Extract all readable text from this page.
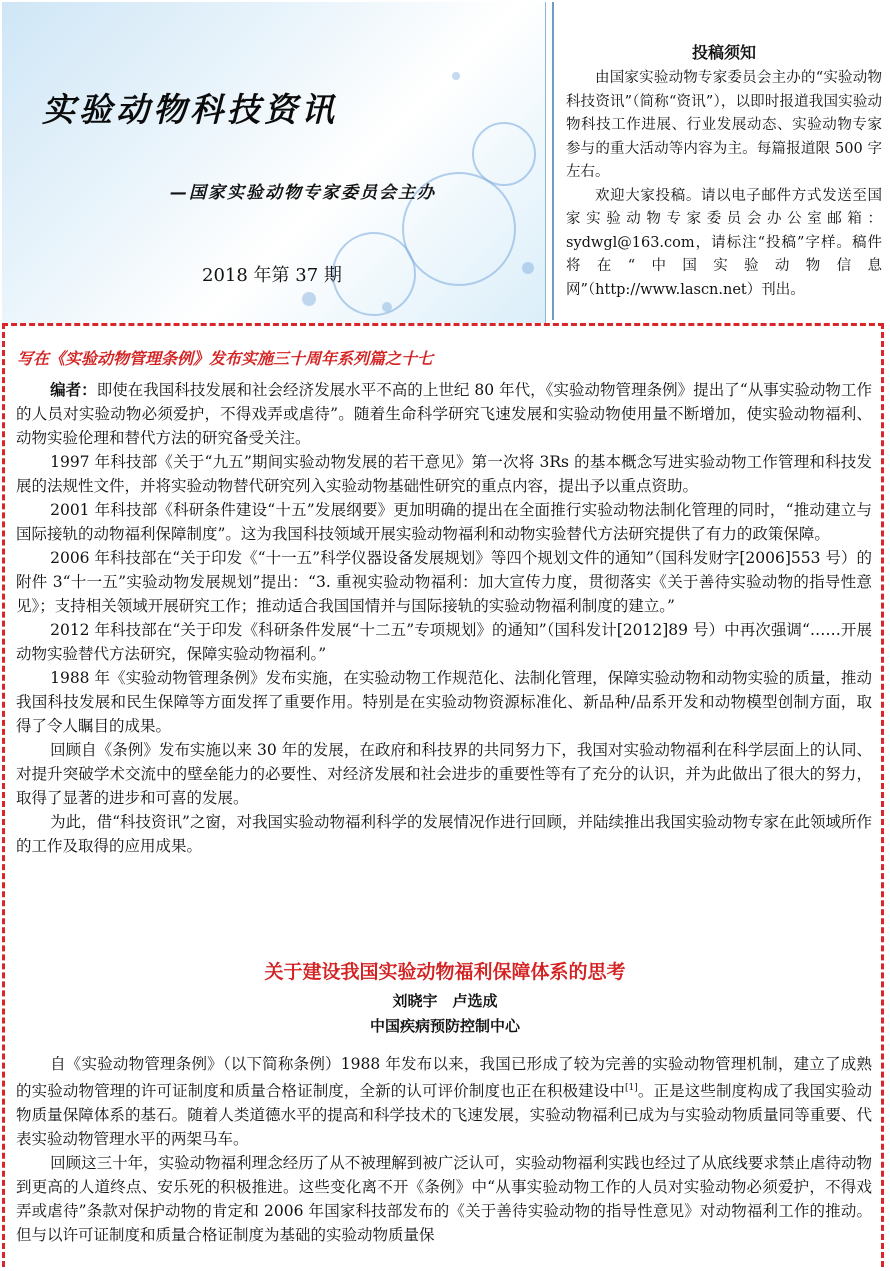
实验动物科技资讯
—国家实验动物专家委员会主办
2018 年第 37 期
投稿须知

由国家实验动物专家委员会主办的“实验动物科技资讯”（简称“资讯”），以即时报道我国实验动物科技工作进展、行业发展动态、实验动物专家参与的重大活动等内容为主。每篇报道限 500 字左右。

欢迎大家投稿。请以电子邮件方式发送至国家实验动物专家委员会办公室邮箱：sydwgl@163.com，请标注“投稿”字样。稿件将在“中国实验动物信息网”（http://www.lascn.net）刊出。

写在《实验动物管理条例》发布实施三十周年系列篇之十七

编者：即使在我国科技发展和社会经济发展水平不高的上世纪 80 年代，《实验动物管理条例》提出了“从事实验动物工作的人员对实验动物必须爱护，不得戏弄或虐待”。随着生命科学研究飞速发展和实验动物使用量不断增加，使实验动物福利、动物实验伦理和替代方法的研究备受关注。

1997 年科技部《关于“九五”期间实验动物发展的若干意见》第一次将 3Rs 的基本概念写进实验动物工作管理和科技发展的法规性文件，并将实验动物替代研究列入实验动物基础性研究的重点内容，提出予以重点资助。

2001 年科技部《科研条件建设“十五”发展纲要》更加明确的提出在全面推行实验动物法制化管理的同时，“推动建立与国际接轨的动物福利保障制度”。这为我国科技领域开展实验动物福利和动物实验替代方法研究提供了有力的政策保障。

2006 年科技部在“关于印发《“十一五”科学仪器设备发展规划》等四个规划文件的通知”（国科发财字[2006]553 号）的附件 3“十一五”实验动物发展规划”提出：“3. 重视实验动物福利：加大宣传力度，贯彻落实《关于善待实验动物的指导性意见》；支持相关领域开展研究工作；推动适合我国国情并与国际接轨的实验动物福利制度的建立。”

2012 年科技部在“关于印发《科研条件发展“十二五”专项规划》的通知”（国科发计[2012]89 号）中再次强调“……开展动物实验替代方法研究，保障实验动物福利。”

1988 年《实验动物管理条例》发布实施，在实验动物工作规范化、法制化管理，保障实验动物和动物实验的质量，推动我国科技发展和民生保障等方面发挥了重要作用。特别是在实验动物资源标准化、新品种/品系开发和动物模型创制方面，取得了令人瞩目的成果。

回顾自《条例》发布实施以来 30 年的发展，在政府和科技界的共同努力下，我国对实验动物福利在科学层面上的认同、对提升突破学术交流中的壁垒能力的必要性、对经济发展和社会进步的重要性等有了充分的认识，并为此做出了很大的努力，取得了显著的进步和可喜的发展。

为此，借“科技资讯”之窗，对我国实验动物福利科学的发展情况作进行回顾，并陆续推出我国实验动物专家在此领域所作的工作及取得的应用成果。

关于建设我国实验动物福利保障体系的思考
刘晓宇　卢选成
中国疾病预防控制中心

自《实验动物管理条例》（以下简称条例）1988 年发布以来，我国已形成了较为完善的实验动物管理机制，建立了成熟的实验动物管理的许可证制度和质量合格证制度，全新的认可评价制度也正在积极建设中[1]。正是这些制度构成了我国实验动物质量保障体系的基石。随着人类道德水平的提高和科学技术的飞速发展，实验动物福利已成为与实验动物质量同等重要、代表实验动物管理水平的两架马车。

回顾这三十年，实验动物福利理念经历了从不被理解到被广泛认可，实验动物福利实践也经过了从底线要求禁止虐待动物到更高的人道终点、安乐死的积极推进。这些变化离不开《条例》中“从事实验动物工作的人员对实验动物必须爱护，不得戏弄或虐待”条款对保护动物的肯定和 2006 年国家科技部发布的《关于善待实验动物的指导性意见》对动物福利工作的推动。但与以许可证制度和质量合格证制度为基础的实验动物质量保
